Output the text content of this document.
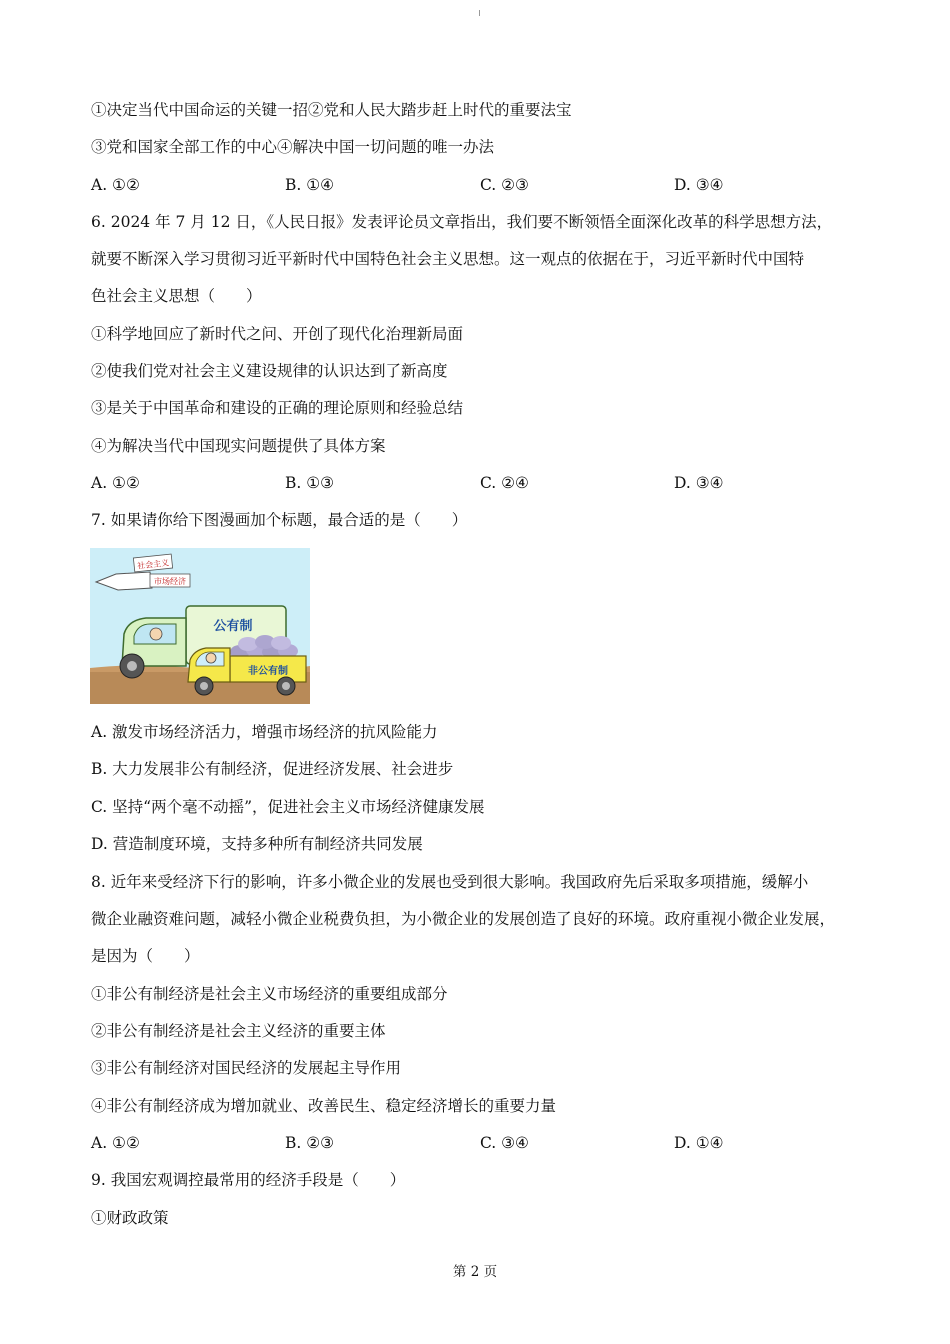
①决定当代中国命运的关键一招②党和人民大踏步赶上时代的重要法宝
③党和国家全部工作的中心④解决中国一切问题的唯一办法
A. ①②	B. ①④	C. ②③	D. ③④
6. 2024 年 7 月 12 日，《人民日报》发表评论员文章指出，我们要不断领悟全面深化改革的科学思想方法，
就要不断深入学习贯彻习近平新时代中国特色社会主义思想。这一观点的依据在于，习近平新时代中国特
色社会主义思想（　　）
①科学地回应了新时代之问、开创了现代化治理新局面
②使我们党对社会主义建设规律的认识达到了新高度
③是关于中国革命和建设的正确的理论原则和经验总结
④为解决当代中国现实问题提供了具体方案
A. ①②	B. ①③	C. ②④	D. ③④
7. 如果请你给下图漫画加个标题，最合适的是（　　）
社会主义
市场经济
公有制
非公有制
A. 激发市场经济活力，增强市场经济的抗风险能力
B. 大力发展非公有制经济，促进经济发展、社会进步
C. 坚持“两个毫不动摇”，促进社会主义市场经济健康发展
D. 营造制度环境，支持多种所有制经济共同发展
8. 近年来受经济下行的影响，许多小微企业的发展也受到很大影响。我国政府先后采取多项措施，缓解小
微企业融资难问题，减轻小微企业税费负担，为小微企业的发展创造了良好的环境。政府重视小微企业发展，
是因为（　　）
①非公有制经济是社会主义市场经济的重要组成部分
②非公有制经济是社会主义经济的重要主体
③非公有制经济对国民经济的发展起主导作用
④非公有制经济成为增加就业、改善民生、稳定经济增长的重要力量
A. ①②	B. ②③	C. ③④	D. ①④
9. 我国宏观调控最常用的经济手段是（　　）
①财政政策
第 2 页
